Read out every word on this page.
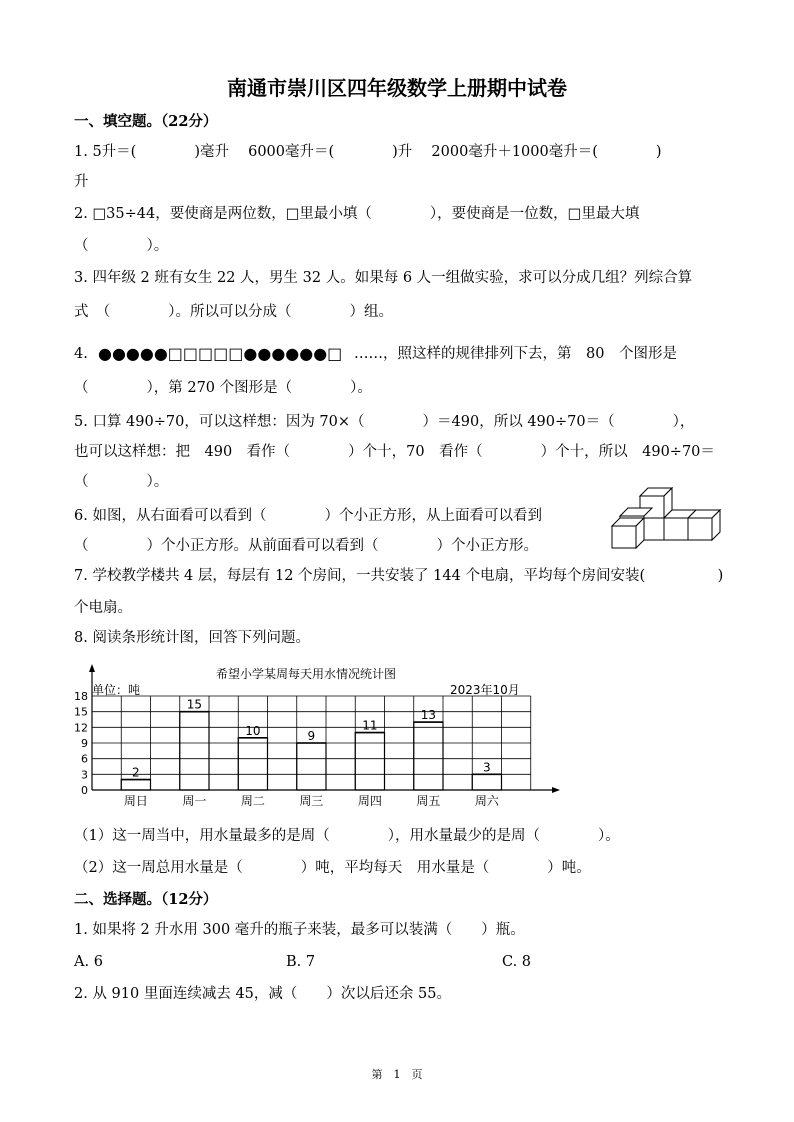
南通市崇川区四年级数学上册期中试卷
一、填空题。（22分）
1. 5升＝(　　　　)毫升　 6000毫升＝(　　　　)升　 2000毫升＋1000毫升＝(　　　　)
升
2. □35÷44，要使商是两位数，□里最小填（　　　　），要使商是一位数，□里最大填
（　　　　）。
3. 四年级 2 班有女生 22 人，男生 32 人。如果每 6 人一组做实验，求可以分成几组？列综合算
式　（　　　　）。所以可以分成（　　　　）组。
4. ●●●●●□□□□□●●●●●●□ ……，照这样的规律排列下去，第　80　个图形是
（　　　　），第 270 个图形是（　　　　）。
5. 口算 490÷70，可以这样想：因为 70×（　　　　）＝490，所以 490÷70＝（　　　　），
也可以这样想：把　490　看作（　　　　）个十，70　看作（　　　　）个十，所以　490÷70＝
（　　　　）。
6. 如图，从右面看可以看到（　　　　）个小正方形，从上面看可以看到
（　　　　）个小正方形。从前面看可以看到（　　　　）个小正方形。
7. 学校教学楼共 4 层，每层有 12 个房间，一共安装了 144 个电扇，平均每个房间安装(　　　　　)
个电扇。
8. 阅读条形统计图，回答下列问题。
0
3
6
9
12
15
18
2
周日
15
周一
10
周二
9
周三
11
周四
13
周五
3
周六
希望小学某周每天用水情况统计图
单位：吨	2023年10月
（1）这一周当中，用水量最多的是周（　　　　），用水量最少的是周（　　　　）。
（2）这一周总用水量是（　　　　）吨，平均每天　用水量是（　　　　）吨。
二、选择题。（12分）
1. 如果将 2 升水用 300 毫升的瓶子来装，最多可以装满（　　）瓶。
A. 6	B. 7	C. 8
2. 从 910 里面连续减去 45，减（　　）次以后还余 55。
第　1　页
